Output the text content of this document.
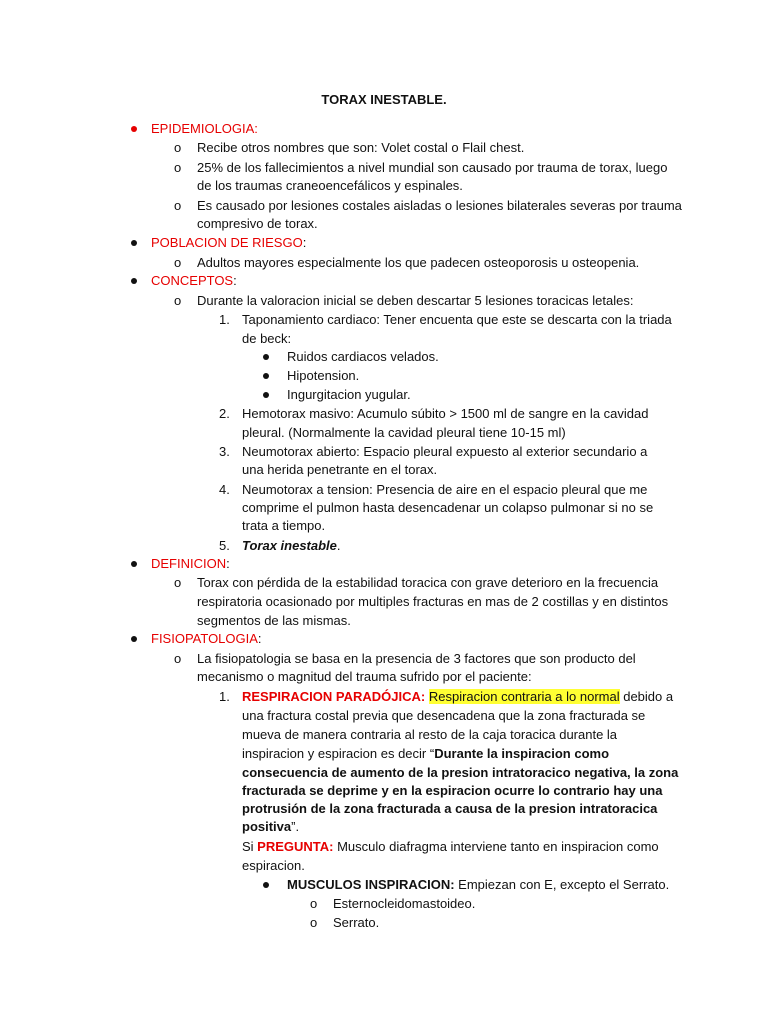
TORAX INESTABLE.
EPIDEMIOLOGIA:
o Recibe otros nombres que son: Volet costal o Flail chest.
o 25% de los fallecimientos a nivel mundial son causado por trauma de torax, luego
de los traumas craneoencefálicos y espinales.
o Es causado por lesiones costales aisladas o lesiones bilaterales severas por trauma
compresivo de torax.
POBLACION DE RIESGO:
o Adultos mayores especialmente los que padecen osteoporosis u osteopenia.
CONCEPTOS:
o Durante la valoracion inicial se deben descartar 5 lesiones toracicas letales:
1. Taponamiento cardiaco: Tener encuenta que este se descarta con la triada
de beck:
Ruidos cardiacos velados.
Hipotension.
Ingurgitacion yugular.
2. Hemotorax masivo: Acumulo súbito > 1500 ml de sangre en la cavidad
pleural. (Normalmente la cavidad pleural tiene 10-15 ml)
3. Neumotorax abierto: Espacio pleural expuesto al exterior secundario a
una herida penetrante en el torax.
4. Neumotorax a tension: Presencia de aire en el espacio pleural que me
comprime el pulmon hasta desencadenar un colapso pulmonar si no se
trata a tiempo.
5. Torax inestable.
DEFINICION:
o Torax con pérdida de la estabilidad toracica con grave deterioro en la frecuencia
respiratoria ocasionado por multiples fracturas en mas de 2 costillas y en distintos
segmentos de las mismas.
FISIOPATOLOGIA:
o La fisiopatologia se basa en la presencia de 3 factores que son producto del
mecanismo o magnitud del trauma sufrido por el paciente:
1. RESPIRACION PARADÓJICA: Respiracion contraria a lo normal debido a
una fractura costal previa que desencadena que la zona fracturada se
mueva de manera contraria al resto de la caja toracica durante la
inspiracion y espiracion es decir “Durante la inspiracion como
consecuencia de aumento de la presion intratoracico negativa, la zona
fracturada se deprime y en la espiracion ocurre lo contrario hay una
protrusión de la zona fracturada a causa de la presion intratoracica
positiva”.
Si PREGUNTA: Musculo diafragma interviene tanto en inspiracion como
espiracion.
MUSCULOS INSPIRACION: Empiezan con E, excepto el Serrato.
o Esternocleidomastoideo.
o Serrato.
